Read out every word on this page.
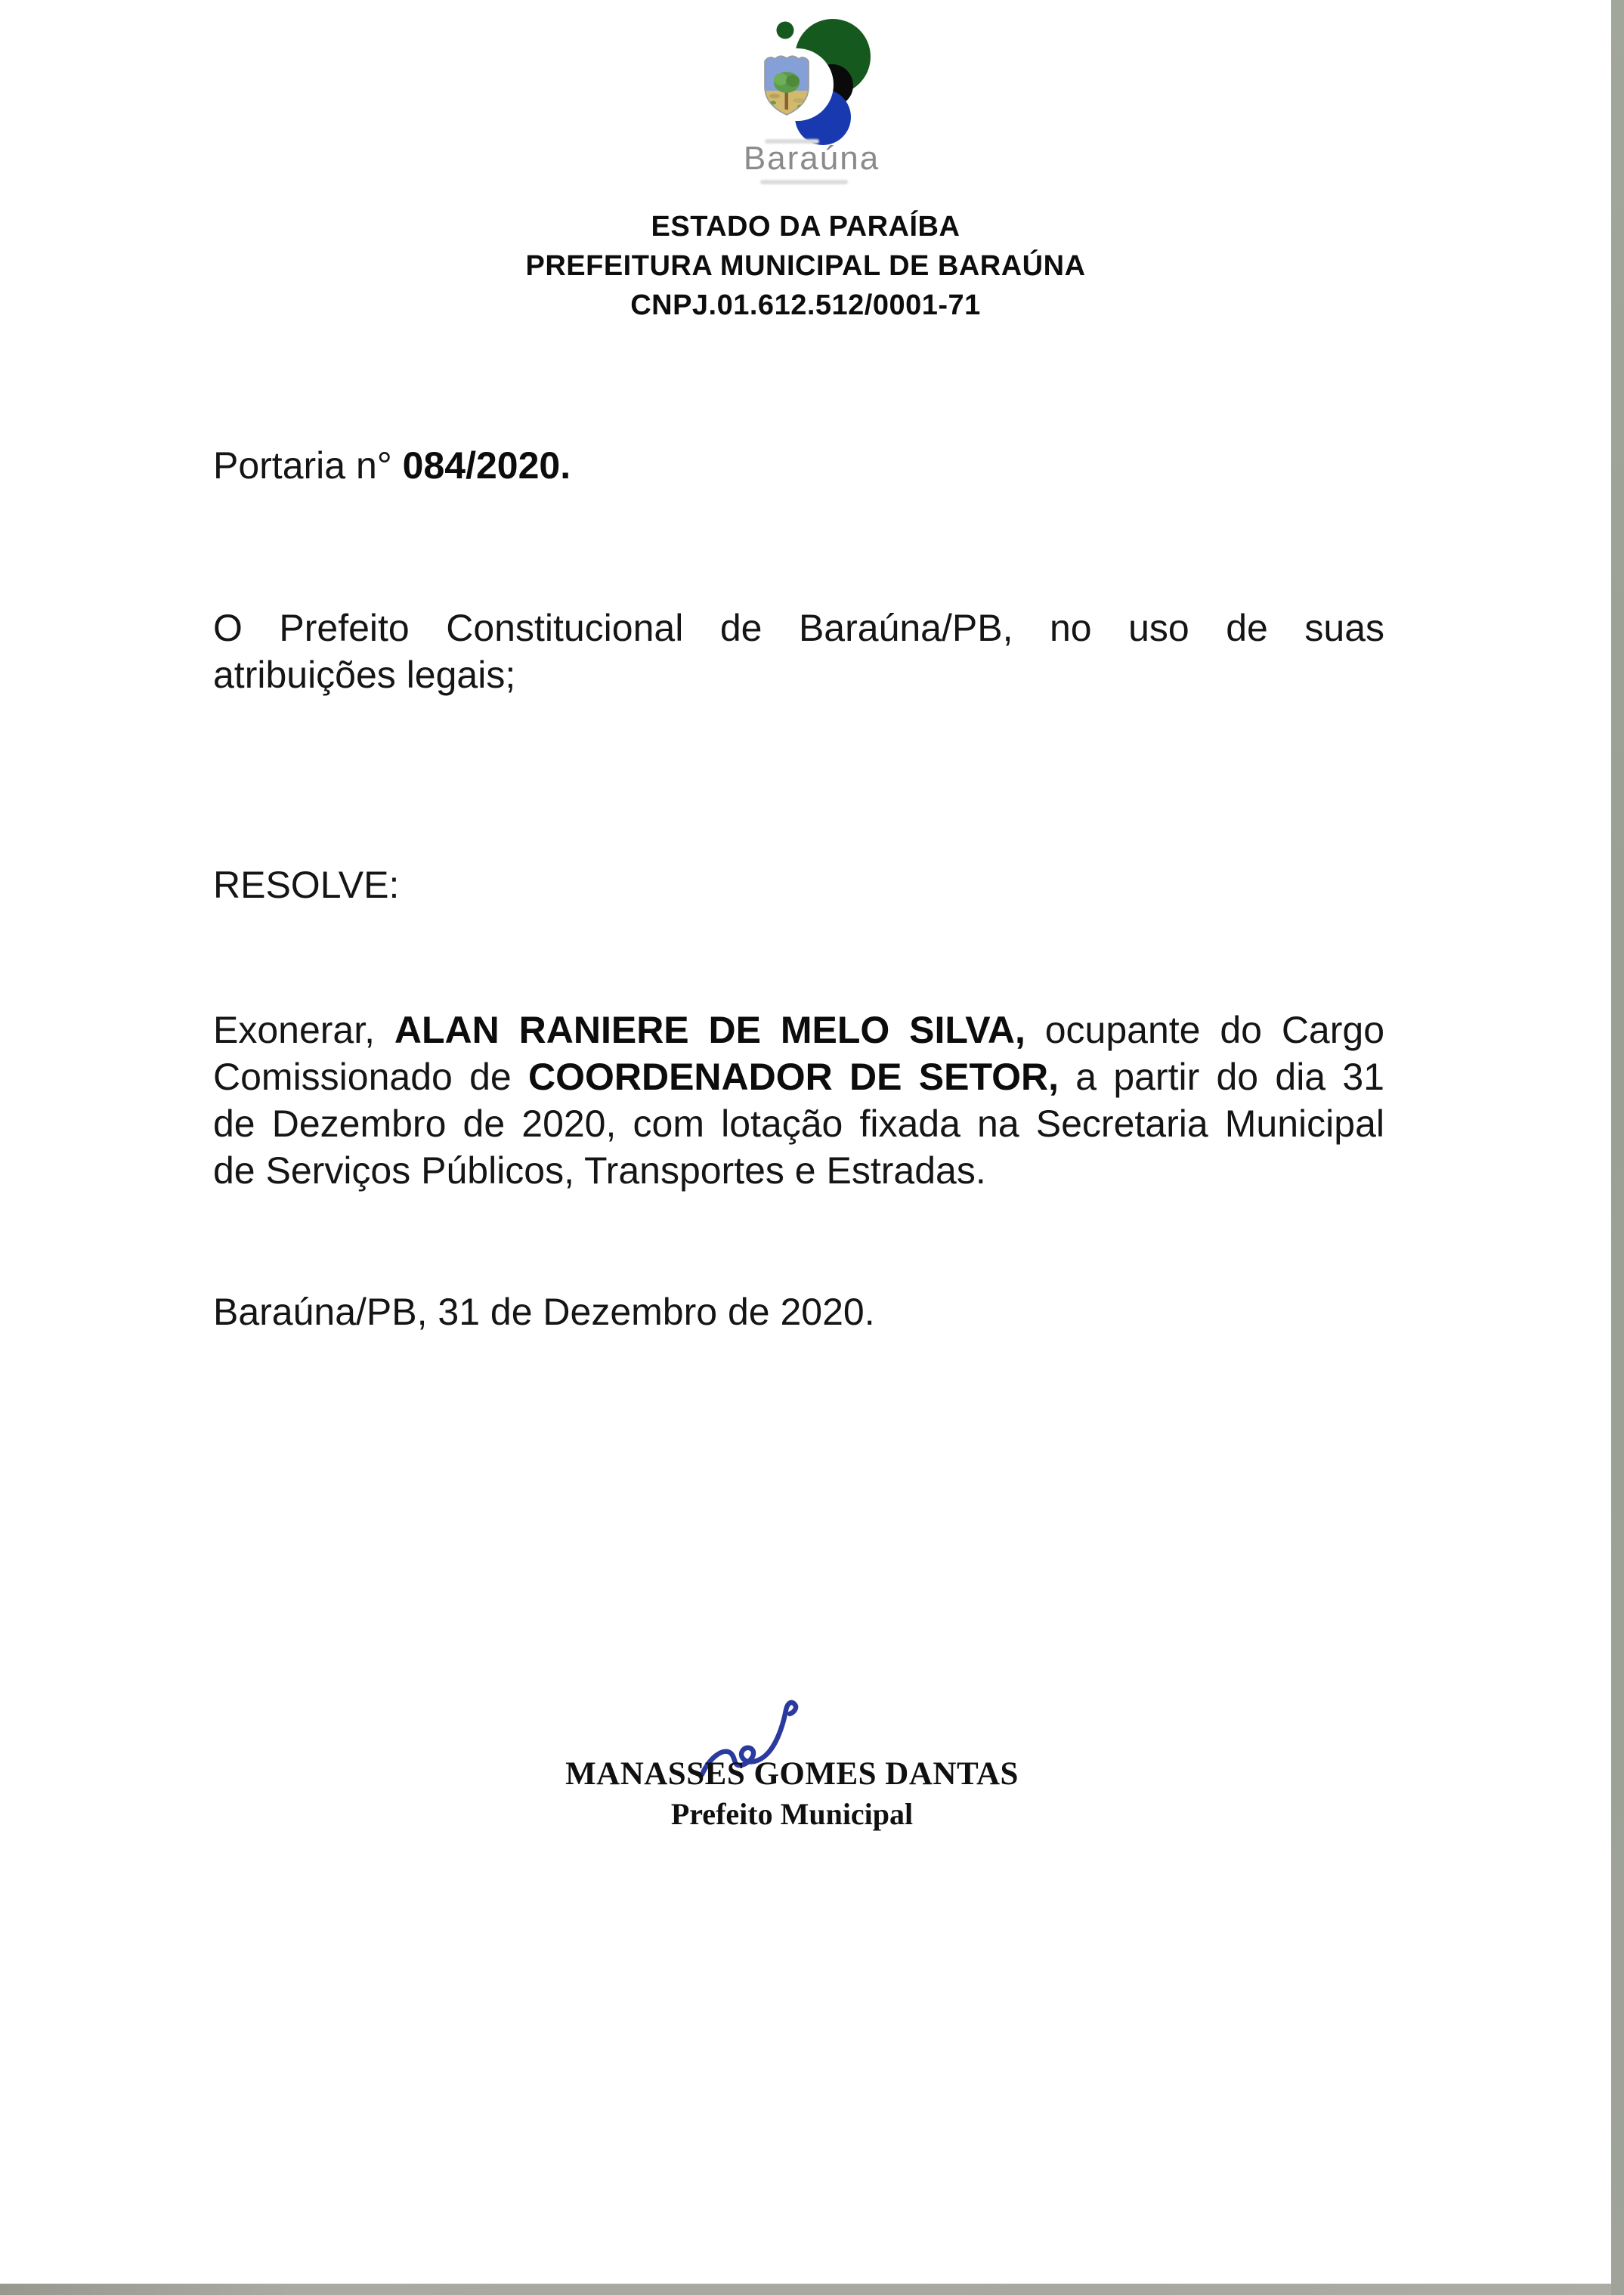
Baraúna
ESTADO DA PARAÍBA
PREFEITURA MUNICIPAL DE BARAÚNA
CNPJ.01.612.512/0001-71
Portaria n° 084/2020.
O Prefeito Constitucional de Baraúna/PB, no uso de suas
atribuições legais;
RESOLVE:
Exonerar, ALAN RANIERE DE MELO SILVA, ocupante do Cargo
Comissionado de COORDENADOR DE SETOR, a partir do dia 31
de Dezembro de 2020, com lotação fixada na Secretaria Municipal
de Serviços Públicos, Transportes e Estradas.
Baraúna/PB, 31 de Dezembro de 2020.
MANASSES GOMES DANTAS
Prefeito Municipal
